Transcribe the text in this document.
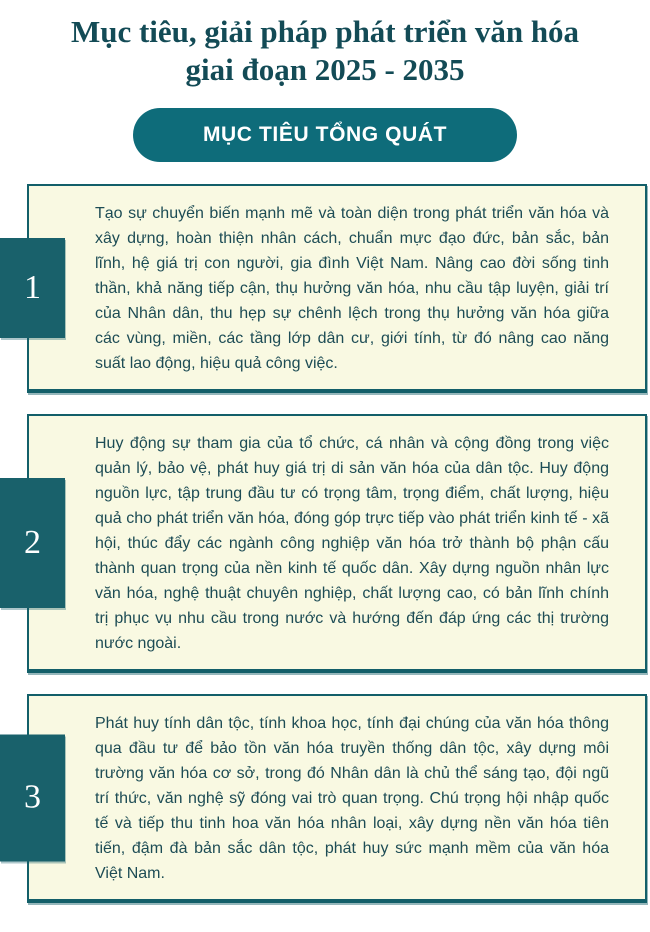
Mục tiêu, giải pháp phát triển văn hóa
giai đoạn 2025 - 2035
MỤC TIÊU TỔNG QUÁT
1

Tạo sự chuyển biến mạnh mẽ và toàn diện trong phát triển văn hóa và xây dựng, hoàn thiện nhân cách, chuẩn mực đạo đức, bản sắc, bản lĩnh, hệ giá trị con người, gia đình Việt Nam. Nâng cao đời sống tinh thần, khả năng tiếp cận, thụ hưởng văn hóa, nhu cầu tập luyện, giải trí của Nhân dân, thu hẹp sự chênh lệch trong thụ hưởng văn hóa giữa các vùng, miền, các tầng lớp dân cư, giới tính, từ đó nâng cao năng suất lao động, hiệu quả công việc.

2

Huy động sự tham gia của tổ chức, cá nhân và cộng đồng trong việc quản lý, bảo vệ, phát huy giá trị di sản văn hóa của dân tộc. Huy động nguồn lực, tập trung đầu tư có trọng tâm, trọng điểm, chất lượng, hiệu quả cho phát triển văn hóa, đóng góp trực tiếp vào phát triển kinh tế - xã hội, thúc đẩy các ngành công nghiệp văn hóa trở thành bộ phận cấu thành quan trọng của nền kinh tế quốc dân. Xây dựng nguồn nhân lực văn hóa, nghệ thuật chuyên nghiệp, chất lượng cao, có bản lĩnh chính trị phục vụ nhu cầu trong nước và hướng đến đáp ứng các thị trường nước ngoài.

3

Phát huy tính dân tộc, tính khoa học, tính đại chúng của văn hóa thông qua đầu tư để bảo tồn văn hóa truyền thống dân tộc, xây dựng môi trường văn hóa cơ sở, trong đó Nhân dân là chủ thể sáng tạo, đội ngũ trí thức, văn nghệ sỹ đóng vai trò quan trọng. Chú trọng hội nhập quốc tế và tiếp thu tinh hoa văn hóa nhân loại, xây dựng nền văn hóa tiên tiến, đậm đà bản sắc dân tộc, phát huy sức mạnh mềm của văn hóa Việt Nam.
